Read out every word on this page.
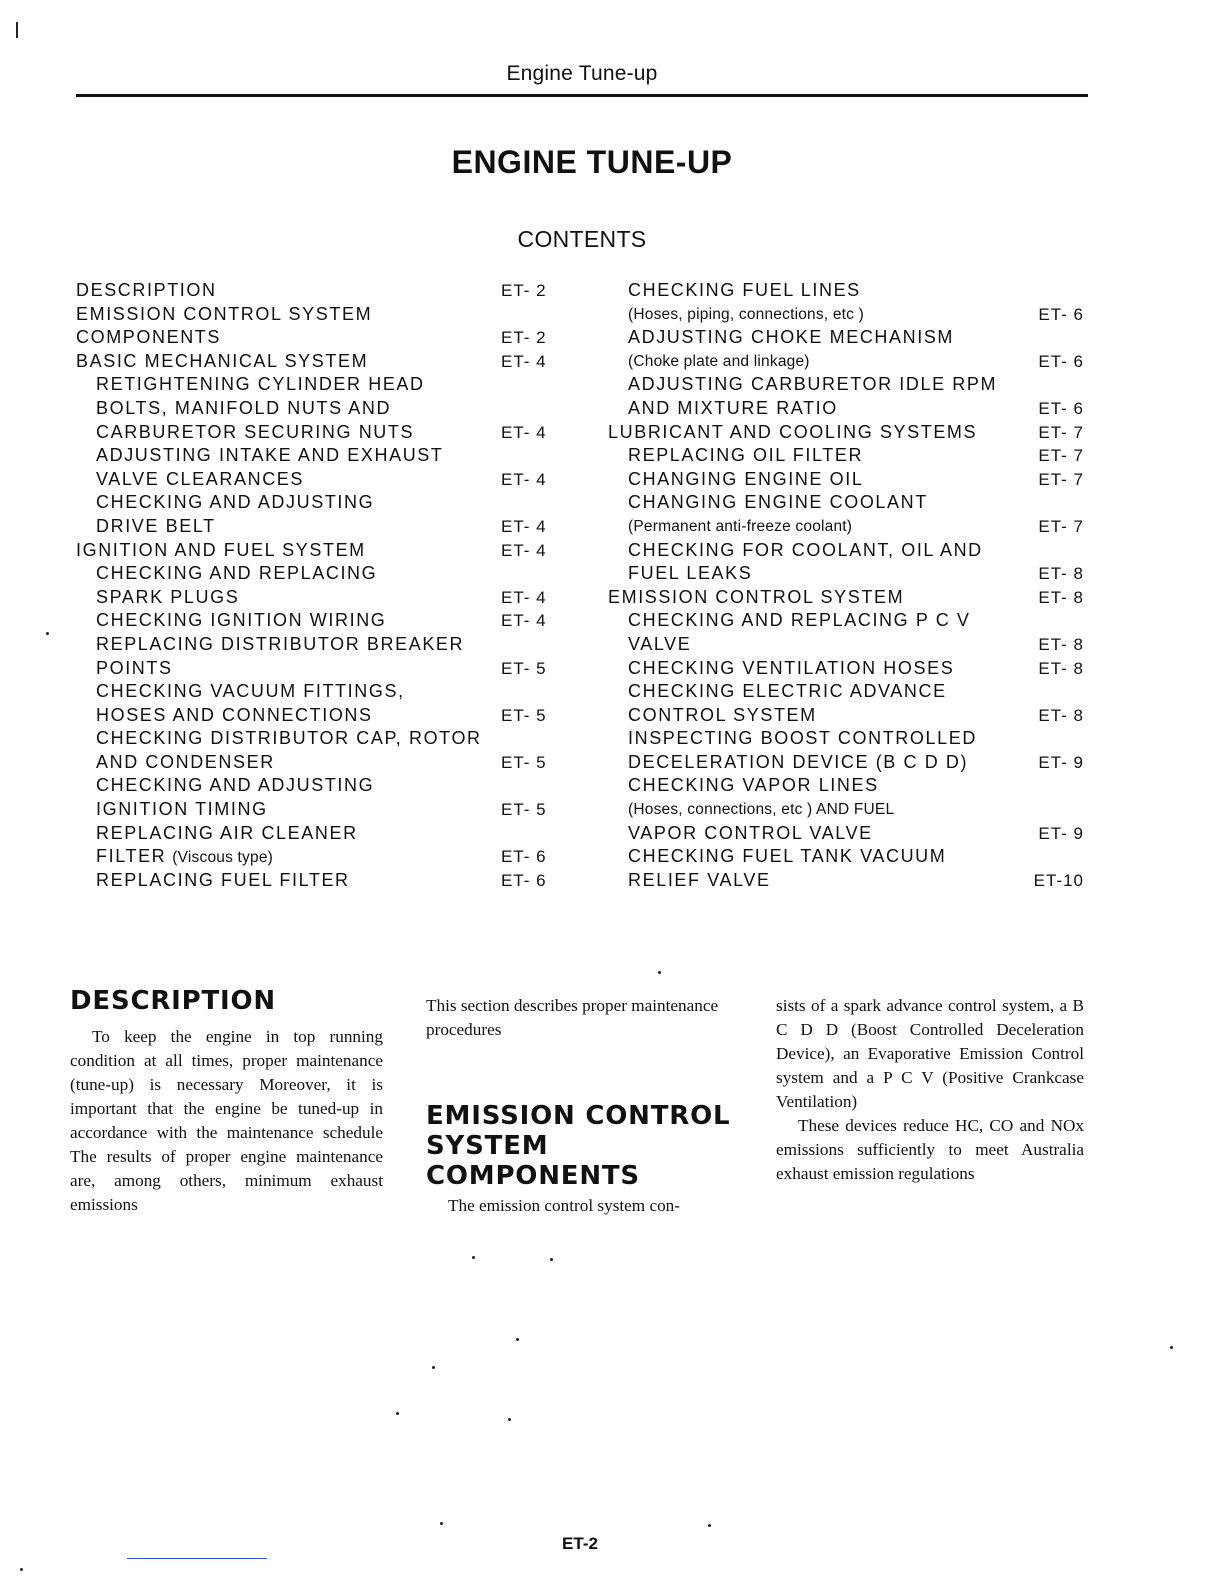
Engine Tune-up
ENGINE TUNE-UP
CONTENTS
DESCRIPTION	ET- 2
EMISSION CONTROL SYSTEM
COMPONENTS	ET- 2
BASIC MECHANICAL SYSTEM	ET- 4
RETIGHTENING CYLINDER HEAD
BOLTS, MANIFOLD NUTS AND
CARBURETOR SECURING NUTS	ET- 4
ADJUSTING INTAKE AND EXHAUST
VALVE CLEARANCES	ET- 4
CHECKING AND ADJUSTING
DRIVE BELT	ET- 4
IGNITION AND FUEL SYSTEM	ET- 4
CHECKING AND REPLACING
SPARK PLUGS	ET- 4
CHECKING IGNITION WIRING	ET- 4
REPLACING DISTRIBUTOR BREAKER
POINTS	ET- 5
CHECKING VACUUM FITTINGS,
HOSES AND CONNECTIONS	ET- 5
CHECKING DISTRIBUTOR CAP, ROTOR
AND CONDENSER	ET- 5
CHECKING AND ADJUSTING
IGNITION TIMING	ET- 5
REPLACING AIR CLEANER
FILTER (Viscous type)	ET- 6
REPLACING FUEL FILTER	ET- 6
CHECKING FUEL LINES
(Hoses, piping, connections, etc )	ET- 6
ADJUSTING CHOKE MECHANISM
(Choke plate and linkage)	ET- 6
ADJUSTING CARBURETOR IDLE RPM
AND MIXTURE RATIO	ET- 6
LUBRICANT AND COOLING SYSTEMS	ET- 7
REPLACING OIL FILTER	ET- 7
CHANGING ENGINE OIL	ET- 7
CHANGING ENGINE COOLANT
(Permanent anti-freeze coolant)	ET- 7
CHECKING FOR COOLANT, OIL AND
FUEL LEAKS	ET- 8
EMISSION CONTROL SYSTEM	ET- 8
CHECKING AND REPLACING P C V
VALVE	ET- 8
CHECKING VENTILATION HOSES	ET- 8
CHECKING ELECTRIC ADVANCE
CONTROL SYSTEM	ET- 8
INSPECTING BOOST CONTROLLED
DECELERATION DEVICE (B C D D)	ET- 9
CHECKING VAPOR LINES
(Hoses, connections, etc ) AND FUEL
VAPOR CONTROL VALVE	ET- 9
CHECKING FUEL TANK VACUUM
RELIEF VALVE	ET-10
DESCRIPTION

To keep the engine in top running condition at all times, proper maintenance (tune-up) is necessary Moreover, it is important that the engine be tuned-up in accordance with the maintenance schedule The results of proper engine maintenance are, among others, minimum exhaust emissions

This section describes proper maintenance procedures

EMISSION CONTROL
SYSTEM
COMPONENTS

The emission control system con-

sists of a spark advance control system, a B C D D (Boost Controlled Deceleration Device), an Evaporative Emission Control system and a P C V (Positive Crankcase Ventilation)

These devices reduce HC, CO and NOx emissions sufficiently to meet Australia exhaust emission regulations

ET-2
